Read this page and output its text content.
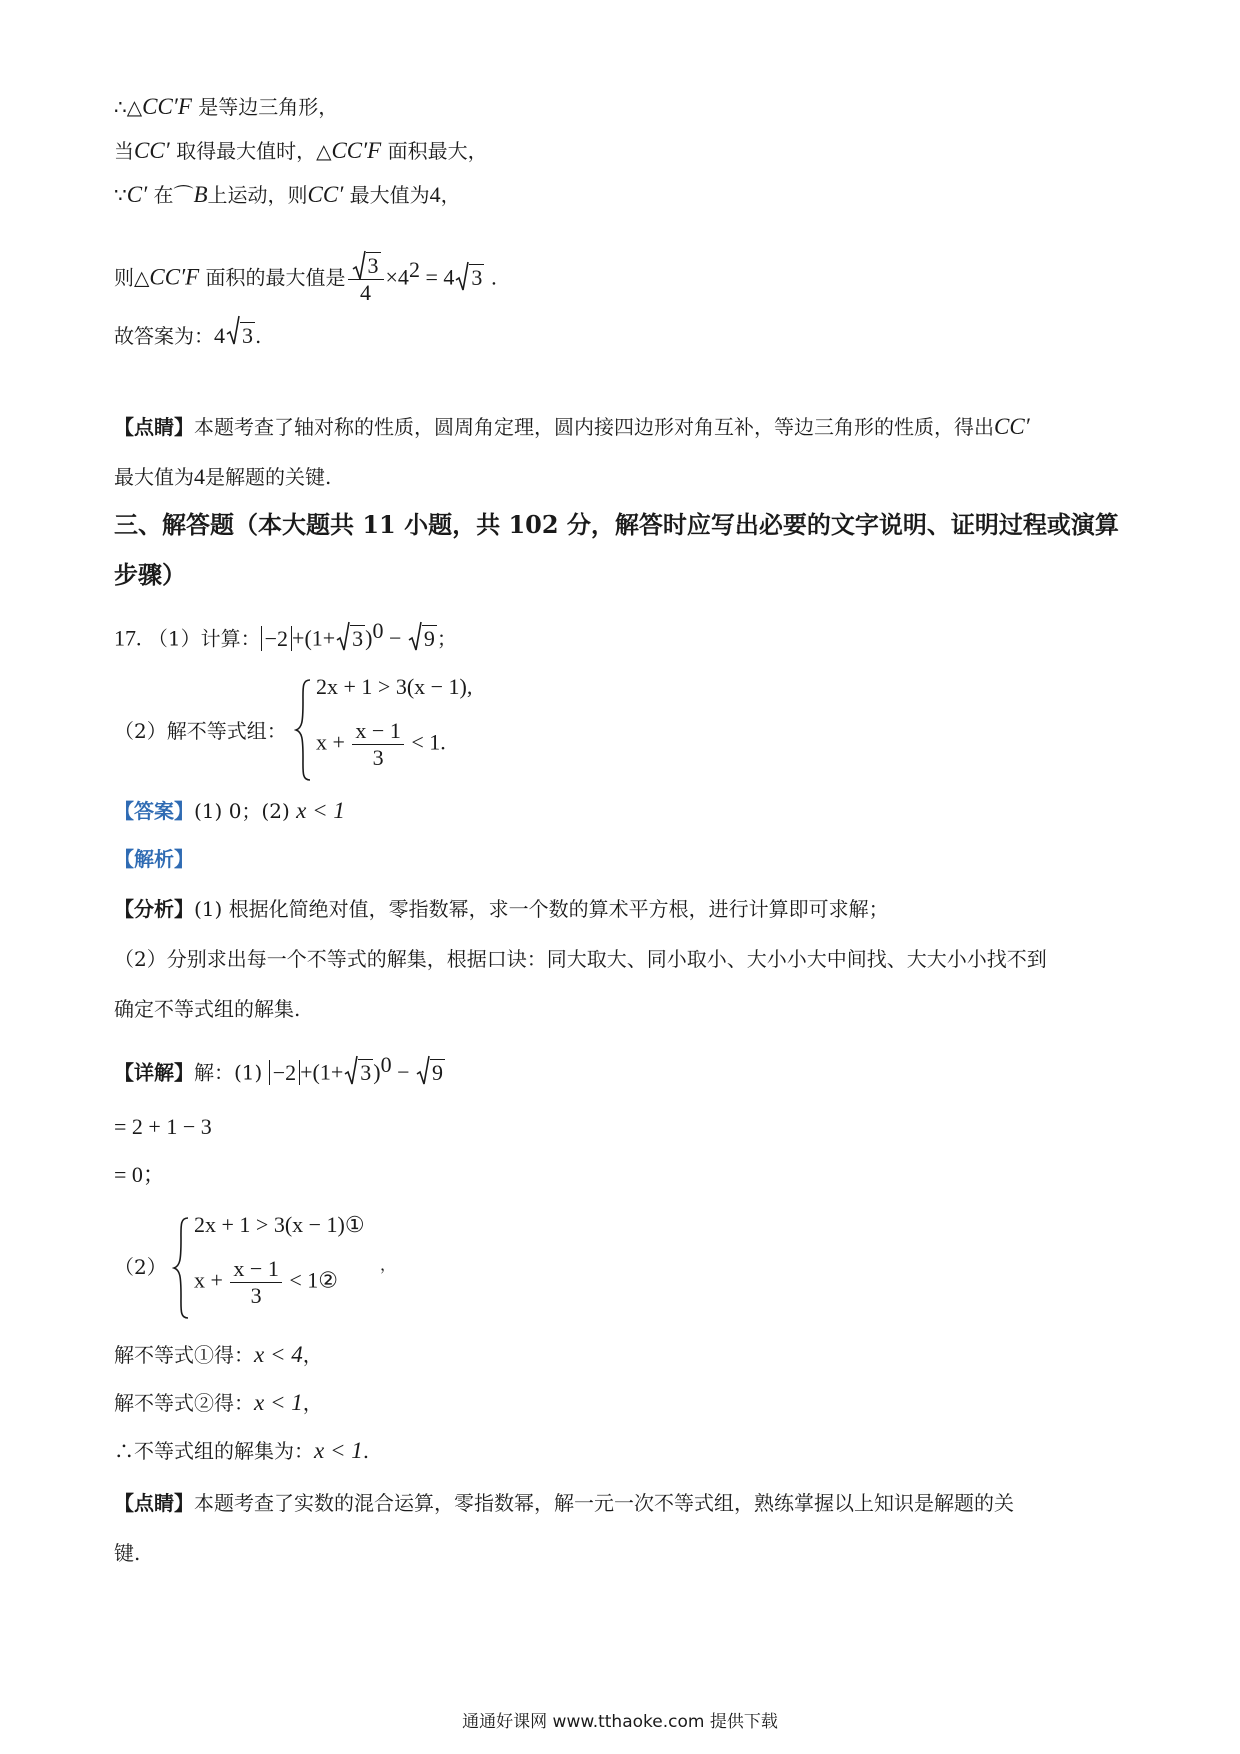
∴△CC′F 是等边三角形，
当CC′ 取得最大值时，△CC′F 面积最大，
∵C′ 在⌒B上运动，则CC′ 最大值为4，
则△CC′F 面积的最大值是 $\frac{3}{4} \times 4^2 = 4$ 3 .
故答案为：4 3 .
【点睛】本题考查了轴对称的性质，圆周角定理，圆内接四边形对角互补，等边三角形的性质，得出CC′
最大值为4是解题的关键.
三、解答题（本大题共 11 小题，共 102 分，解答时应写出必要的文字说明、证明过程或演算
步骤）
17. （1）计算： $-2 +(1+ 3)^0$ −
9 ；
（2）解不等式组：
2x + 1 > 3(x − 1),
$x + \frac{x - 1}{3} < 1$.
【答案】(1) 0；(2) x < 1
【解析】
【分析】(1) 根据化简绝对值，零指数幂，求一个数的算术平方根，进行计算即可求解；
（2）分别求出每一个不等式的解集，根据口诀：同大取大、同小取小、大小小大中间找、大大小小找不到
确定不等式组的解集.
【详解】解：$(1) -2 +(1+ 3)^0$ −
9
= 2 + 1 − 3
= 0；
（2）
2x + 1 > 3(x − 1)①
$x + \frac{x - 1}{3}$ < 1②
，
解不等式①得：x < 4，
解不等式②得：x < 1，
∴不等式组的解集为：x < 1.
【点睛】本题考查了实数的混合运算，零指数幂，解一元一次不等式组，熟练掌握以上知识是解题的关
键.
通通好课网 www.tthaoke.com 提供下载
